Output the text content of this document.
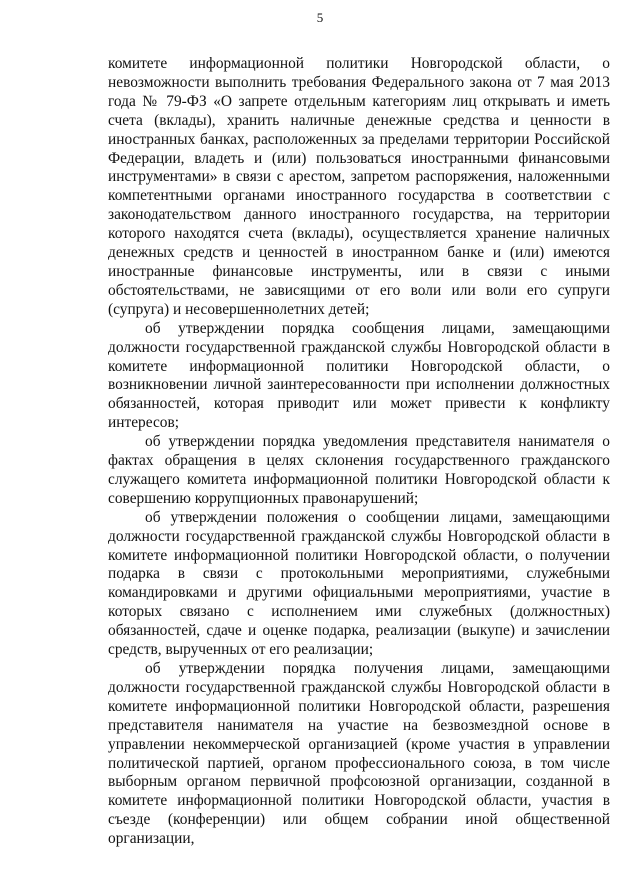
5

комитете информационной политики Новгородской области, о невозможности выполнить требования Федерального закона от 7 мая 2013 года № 79-ФЗ «О запрете отдельным категориям лиц открывать и иметь счета (вклады), хранить наличные денежные средства и ценности в иностранных банках, расположенных за пределами территории Российской Федерации, владеть и (или) пользоваться иностранными финансовыми инструментами» в связи с арестом, запретом распоряжения, наложенными компетентными органами иностранного государства в соответствии с законодательством данного иностранного государства, на территории которого находятся счета (вклады), осуществляется хранение наличных денежных средств и ценностей в иностранном банке и (или) имеются иностранные финансовые инструменты, или в связи с иными обстоятельствами, не зависящими от его воли или воли его супруги (супруга) и несовершеннолетних детей;

об утверждении порядка сообщения лицами, замещающими должности государственной гражданской службы Новгородской области в комитете информационной политики Новгородской области, о возникновении личной заинтересованности при исполнении должностных обязанностей, которая приводит или может привести к конфликту интересов;

об утверждении порядка уведомления представителя нанимателя о фактах обращения в целях склонения государственного гражданского служащего комитета информационной политики Новгородской области к совершению коррупционных правонарушений;

об утверждении положения о сообщении лицами, замещающими должности государственной гражданской службы Новгородской области в комитете информационной политики Новгородской области, о получении подарка в связи с протокольными мероприятиями, служебными командировками и другими официальными мероприятиями, участие в которых связано с исполнением ими служебных (должностных) обязанностей, сдаче и оценке подарка, реализации (выкупе) и зачислении средств, вырученных от его реализации;

об утверждении порядка получения лицами, замещающими должности государственной гражданской службы Новгородской области в комитете информационной политики Новгородской области, разрешения представителя нанимателя на участие на безвозмездной основе в управлении некоммерческой организацией (кроме участия в управлении политической партией, органом профессионального союза, в том числе выборным органом первичной профсоюзной организации, созданной в комитете информационной политики Новгородской области, участия в съезде (конференции) или общем собрании иной общественной организации,
